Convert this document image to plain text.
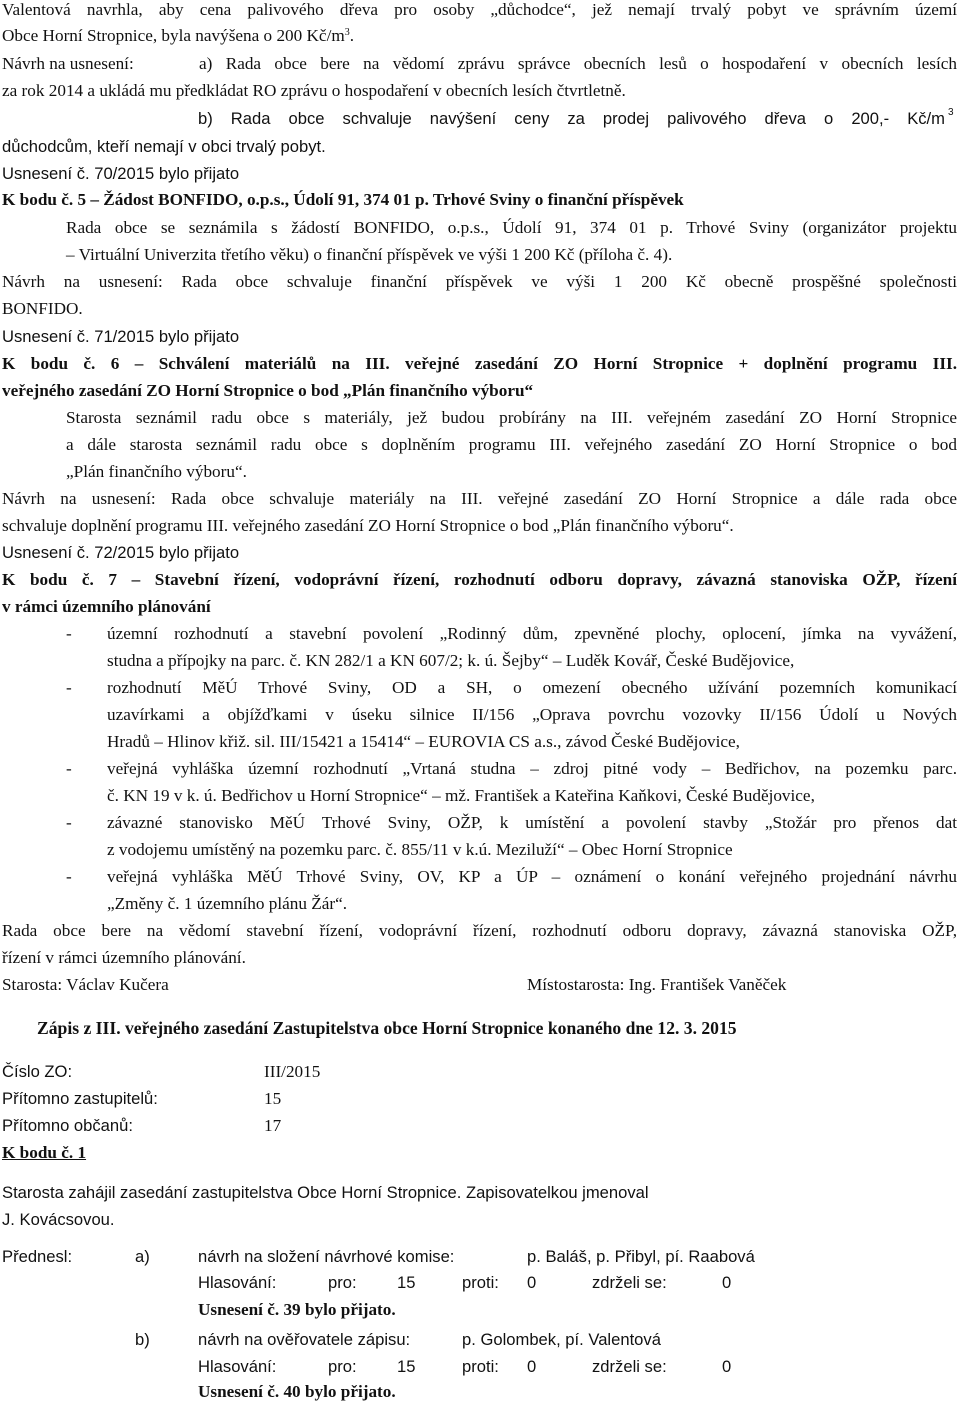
Valentová navrhla, aby cena palivového dřeva pro osoby „důchodce“, jež nemají trvalý pobyt ve správním území
Obce Horní Stropnice, byla navýšena o 200 $Kč/m^3$.
Návrh na usnesení:	a) Rada obce bere na vědomí zprávu správce obecních lesů o hospodaření v obecních lesích
za rok 2014 a ukládá mu předkládat RO zprávu o hospodaření v obecních lesích čtvrtletně.
b) Rada obce schvaluje navýšení ceny za prodej palivového dřeva o 200,- Kč/m 3
důchodcům, kteří nemají v obci trvalý pobyt.
Usnesení č. 70/2015 bylo přijato
K bodu č. 5 – Žádost BONFIDO, o.p.s., Údolí 91, 374 01 p. Trhové Sviny o finanční příspěvek
Rada obce se seznámila s žádostí BONFIDO, o.p.s., Údolí 91, 374 01 p. Trhové Sviny (organizátor projektu
– Virtuální Univerzita třetího věku) o finanční příspěvek ve výši 1 200 Kč (příloha č. 4).
Návrh na usnesení: Rada obce schvaluje finanční příspěvek ve výši 1 200 Kč obecně prospěšné společnosti
BONFIDO.
Usnesení č. 71/2015 bylo přijato
K bodu č. 6 – Schválení materiálů na III. veřejné zasedání ZO Horní Stropnice + doplnění programu III.
veřejného zasedání ZO Horní Stropnice o bod „Plán finančního výboru“
Starosta seznámil radu obce s materiály, jež budou probírány na III. veřejném zasedání ZO Horní Stropnice
a dále starosta seznámil radu obce s doplněním programu III. veřejného zasedání ZO Horní Stropnice o bod
„Plán finančního výboru“.
Návrh na usnesení: Rada obce schvaluje materiály na III. veřejné zasedání ZO Horní Stropnice a dále rada obce
schvaluje doplnění programu III. veřejného zasedání ZO Horní Stropnice o bod „Plán finančního výboru“.
Usnesení č. 72/2015 bylo přijato
K bodu č. 7 – Stavební řízení, vodoprávní řízení, rozhodnutí odboru dopravy, závazná stanoviska OŽP, řízení
v rámci územního plánování
- územní rozhodnutí a stavební povolení „Rodinný dům, zpevněné plochy, oplocení, jímka na vyvážení,
studna a přípojky na parc. č. KN 282/1 a KN 607/2; k. ú. Šejby“ – Luděk Kovář, České Budějovice,
- rozhodnutí MěÚ Trhové Sviny, OD a SH, o omezení obecného užívání pozemních komunikací
uzavírkami a objížďkami v úseku silnice II/156 „Oprava povrchu vozovky II/156 Údolí u Nových
Hradů – Hlinov křiž. sil. III/15421 a 15414“ – EUROVIA CS a.s., závod České Budějovice,
- veřejná vyhláška územní rozhodnutí „Vrtaná studna – zdroj pitné vody – Bedřichov, na pozemku parc.
č. KN 19 v k. ú. Bedřichov u Horní Stropnice“ – mž. František a Kateřina Kaňkovi, České Budějovice,
- závazné stanovisko MěÚ Trhové Sviny, OŽP, k umístění a povolení stavby „Stožár pro přenos dat
z vodojemu umístěný na pozemku parc. č. 855/11 v k.ú. Meziluží“ – Obec Horní Stropnice
- veřejná vyhláška MěÚ Trhové Sviny, OV, KP a ÚP – oznámení o konání veřejného projednání návrhu
„Změny č. 1 územního plánu Žár“.
Rada obce bere na vědomí stavební řízení, vodoprávní řízení, rozhodnutí odboru dopravy, závazná stanoviska OŽP,
řízení v rámci územního plánování.
Starosta: Václav Kučera	Místostarosta: Ing. František Vaněček
Zápis z III. veřejného zasedání Zastupitelstva obce Horní Stropnice konaného dne 12. 3. 2015
Číslo ZO:	III/2015
Přítomno zastupitelů:	15
Přítomno občanů:	17
K bodu č. 1
Starosta zahájil zasedání zastupitelstva Obce Horní Stropnice. Zapisovatelkou jmenoval
J. Kovácsovou.
Přednesl:	a)	návrh na složení návrhové komise:	p. Baláš, p. Přibyl, pí. Raabová
Hlasování:	pro: 15	proti: 0	zdrželi se:	0
Usnesení č. 39 bylo přijato.
b)	návrh na ověřovatele zápisu:	p. Golombek, pí. Valentová
Hlasování:	pro: 15	proti: 0	zdrželi se:	0
Usnesení č. 40 bylo přijato.
